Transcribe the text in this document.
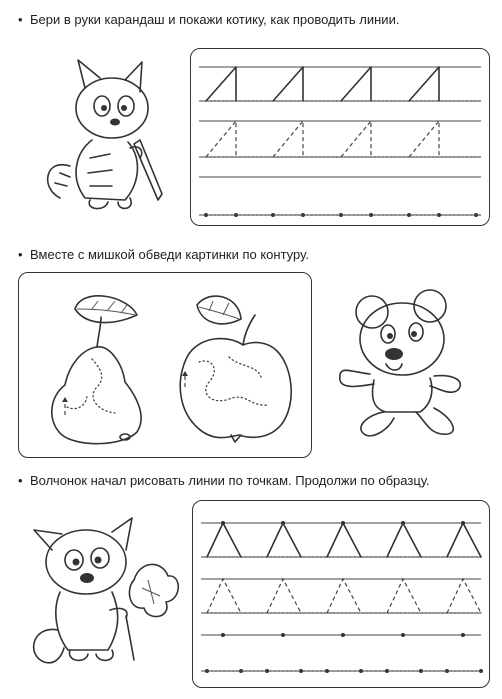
• Бери в руки карандаш и покажи котику, как проводить линии.
• Вместе с мишкой обведи картинки по контуру.
• Волчонок начал рисовать линии по точкам. Продолжи по образцу.
